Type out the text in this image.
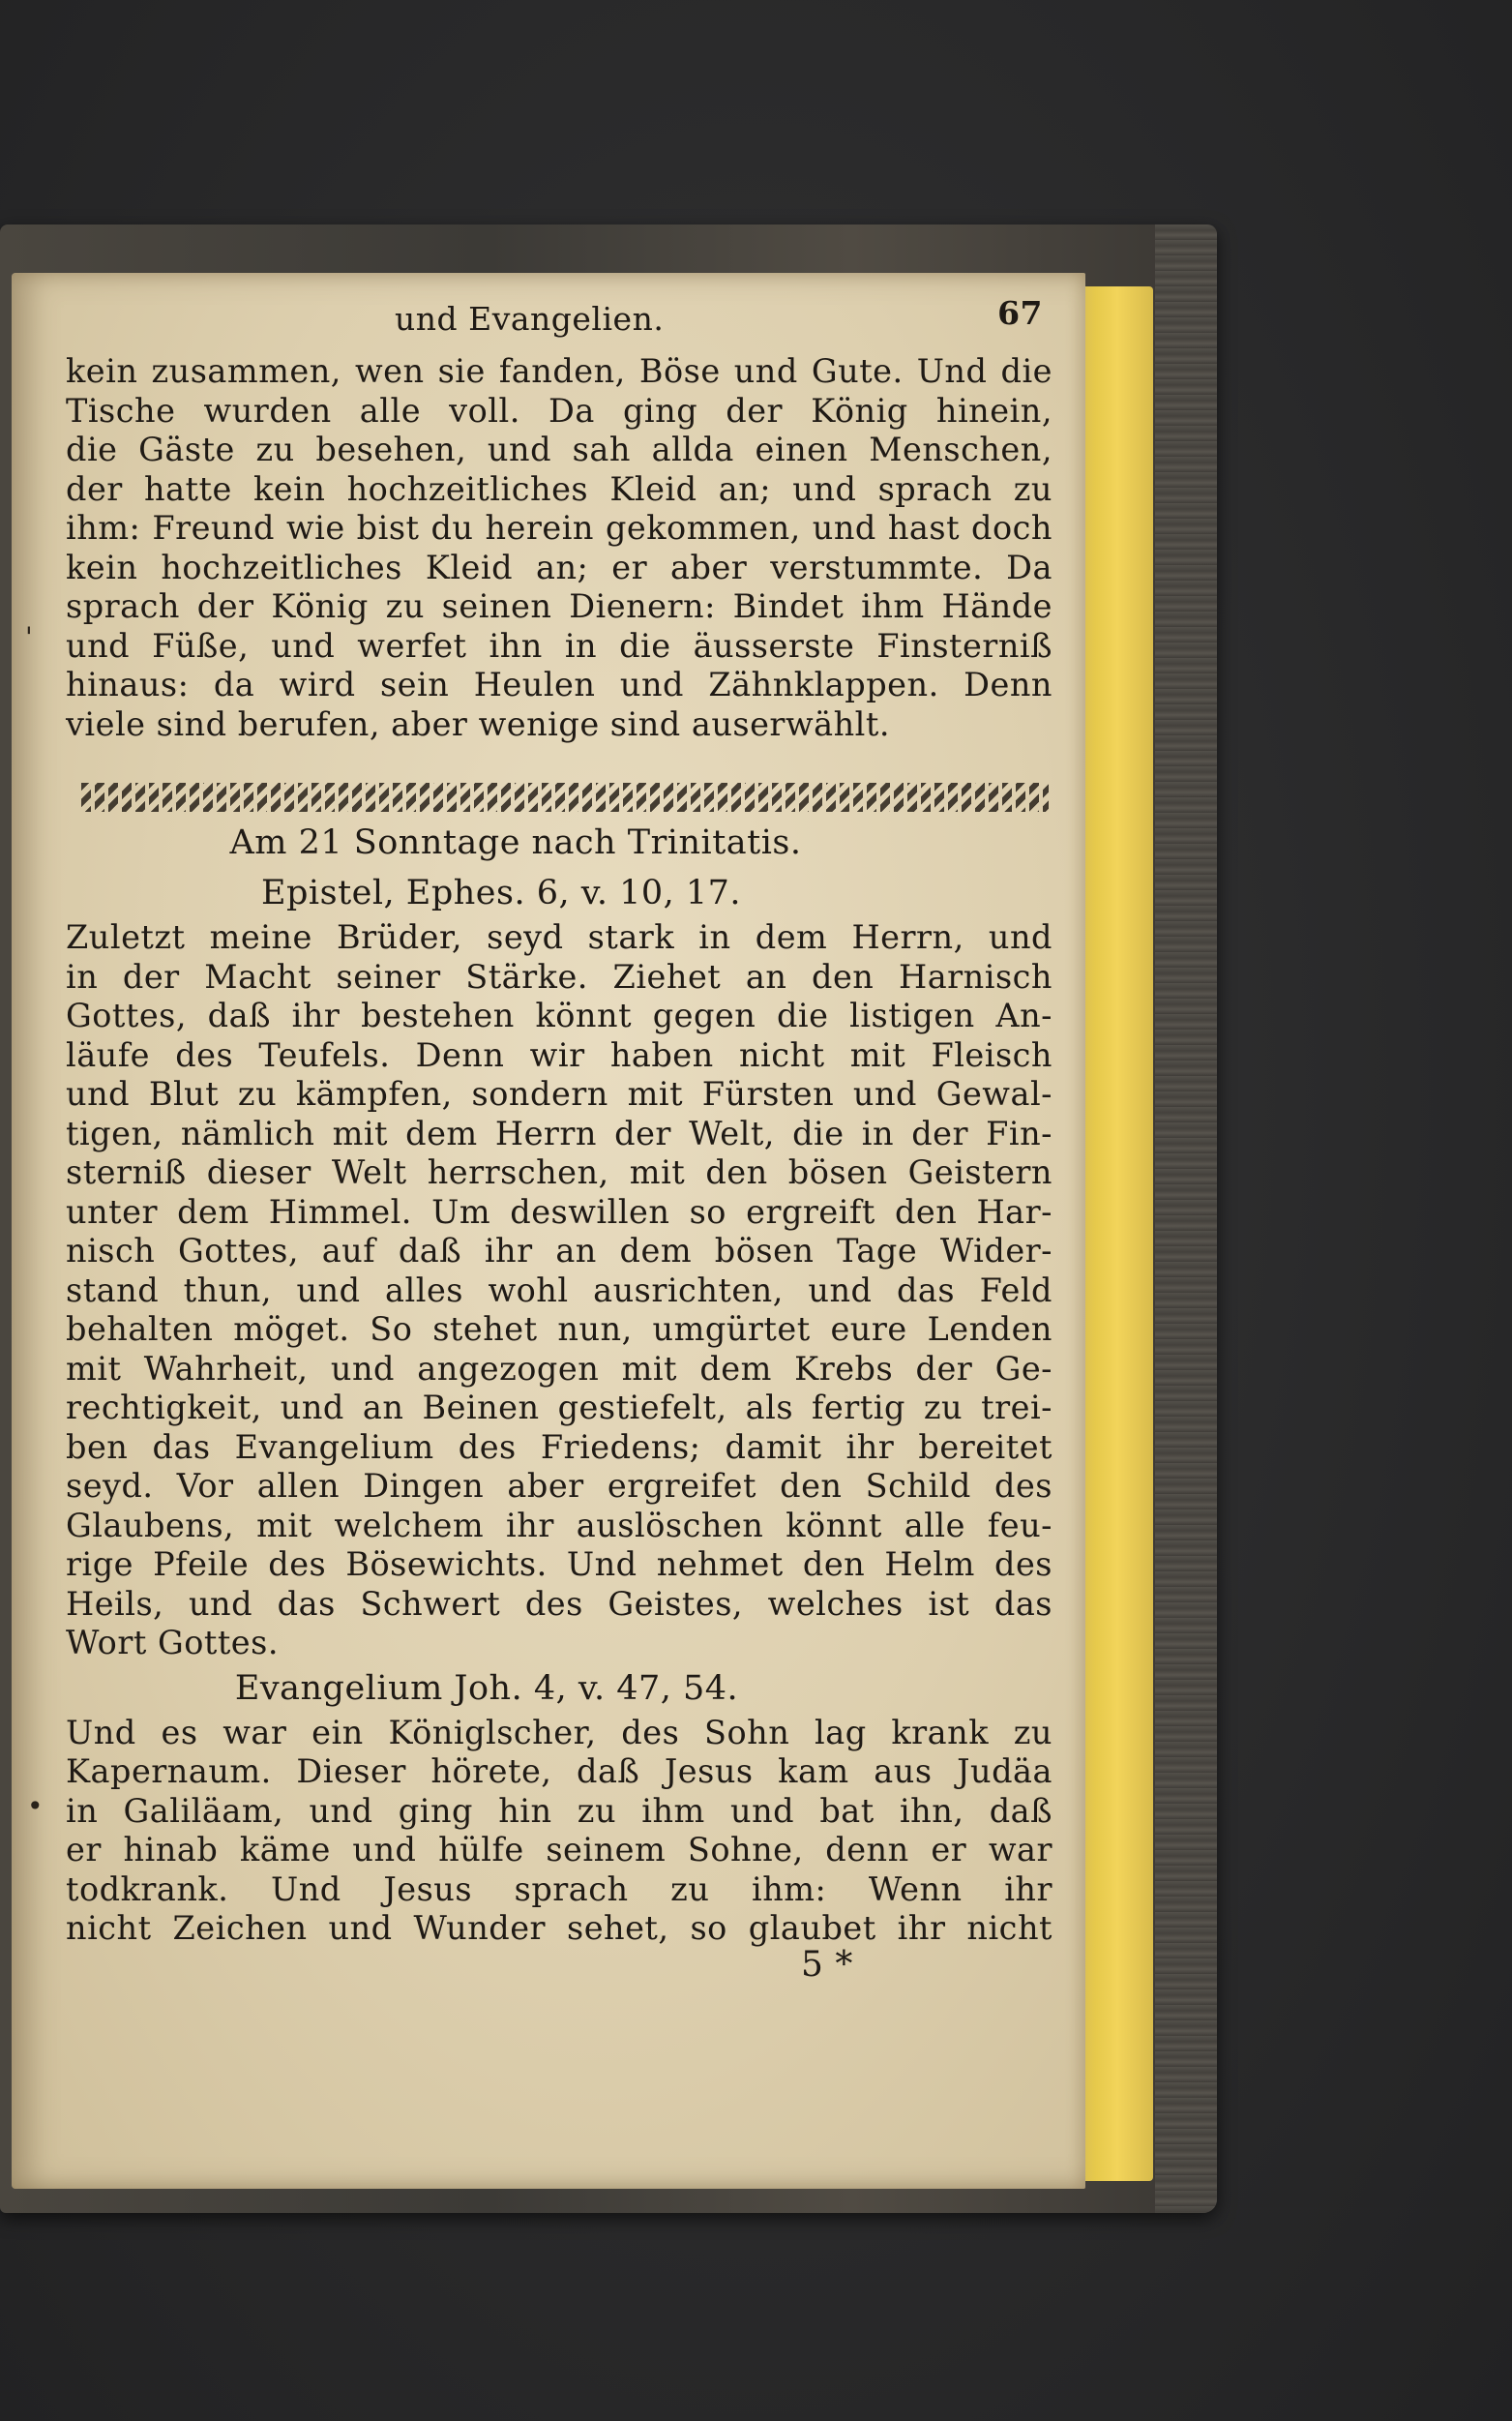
'
•
und Evangelien.	67

kein zusammen, wen sie fanden, Böse und Gute. Und die
Tische wurden alle voll. Da ging der König hinein,
die Gäste zu besehen, und sah allda einen Menschen,
der hatte kein hochzeitliches Kleid an; und sprach zu
ihm: Freund wie bist du herein gekommen, und hast doch
kein hochzeitliches Kleid an; er aber verstummte. Da
sprach der König zu seinen Dienern: Bindet ihm Hände
und Füße, und werfet ihn in die äusserste Finsterniß
hinaus: da wird sein Heulen und Zähnklappen. Denn
viele sind berufen, aber wenige sind auserwählt.

Am 21 Sonntage nach Trinitatis.

Epistel, Ephes. 6, v. 10, 17.

Zuletzt meine Brüder, seyd stark in dem Herrn, und
in der Macht seiner Stärke. Ziehet an den Harnisch
Gottes, daß ihr bestehen könnt gegen die listigen An-
läufe des Teufels. Denn wir haben nicht mit Fleisch
und Blut zu kämpfen, sondern mit Fürsten und Gewal-
tigen, nämlich mit dem Herrn der Welt, die in der Fin-
sterniß dieser Welt herrschen, mit den bösen Geistern
unter dem Himmel. Um deswillen so ergreift den Har-
nisch Gottes, auf daß ihr an dem bösen Tage Wider-
stand thun, und alles wohl ausrichten, und das Feld
behalten möget. So stehet nun, umgürtet eure Lenden
mit Wahrheit, und angezogen mit dem Krebs der Ge-
rechtigkeit, und an Beinen gestiefelt, als fertig zu trei-
ben das Evangelium des Friedens; damit ihr bereitet
seyd. Vor allen Dingen aber ergreifet den Schild des
Glaubens, mit welchem ihr auslöschen könnt alle feu-
rige Pfeile des Bösewichts. Und nehmet den Helm des
Heils, und das Schwert des Geistes, welches ist das
Wort Gottes.

Evangelium Joh. 4, v. 47, 54.

Und es war ein Königlscher, des Sohn lag krank zu
Kapernaum. Dieser hörete, daß Jesus kam aus Judäa
in Galiläam, und ging hin zu ihm und bat ihn, daß
er hinab käme und hülfe seinem Sohne, denn er war
todkrank. Und Jesus sprach zu ihm: Wenn ihr
nicht Zeichen und Wunder sehet, so glaubet ihr nicht

5 *
